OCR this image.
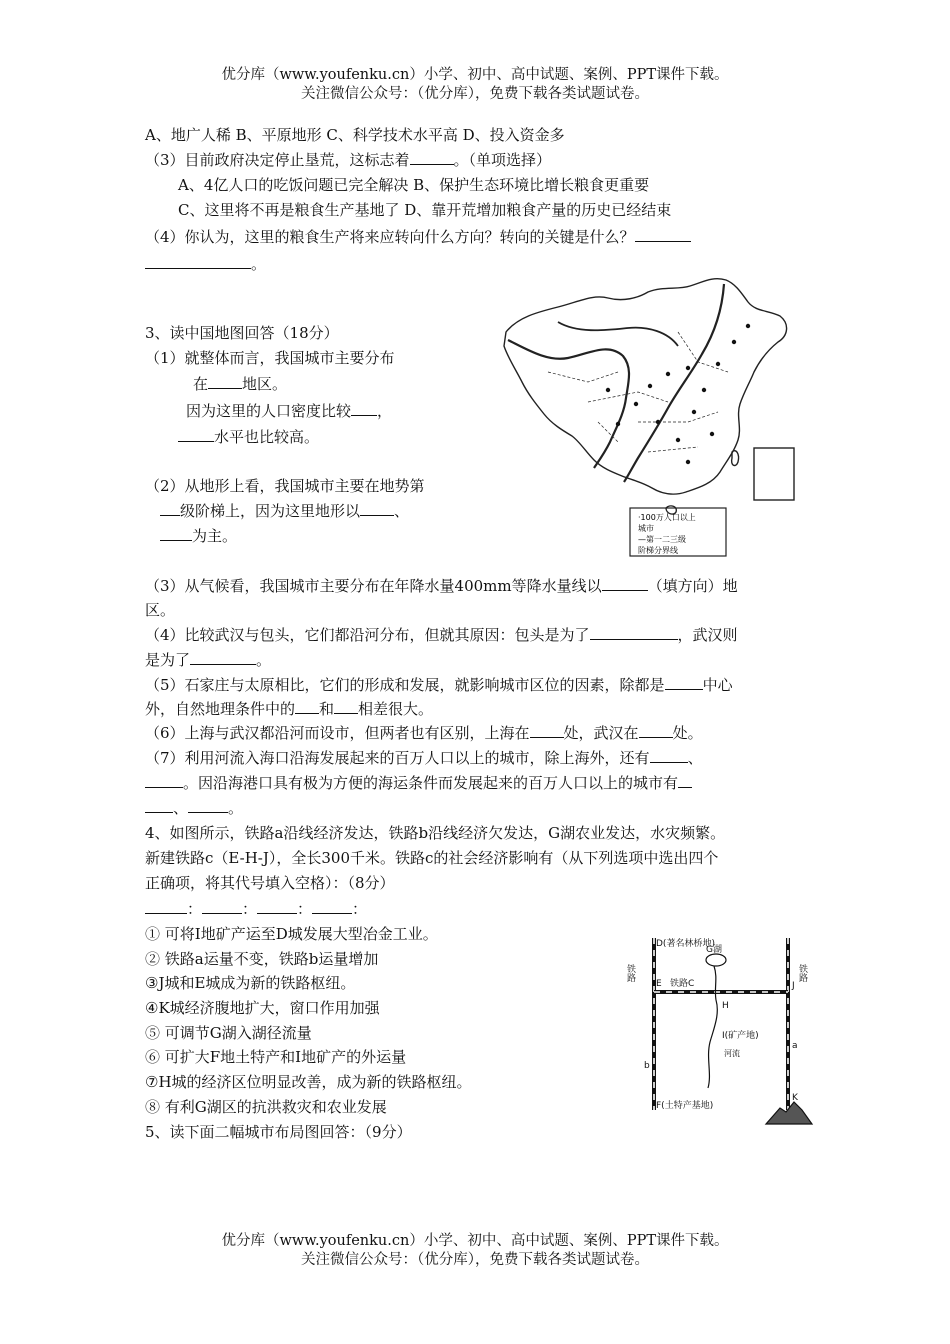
优分库（www.youfenku.cn）小学、初中、高中试题、案例、PPT课件下载。
关注微信公众号：（优分库），免费下载各类试题试卷。
A、地广人稀 B、平原地形 C、科学技术水平高 D、投入资金多
（3）目前政府决定停止垦荒，这标志着	。（单项选择）
A、4亿人口的吃饭问题已完全解决 B、保护生态环境比增长粮食更重要
C、这里将不再是粮食生产基地了 D、靠开荒增加粮食产量的历史已经结束
（4）你认为，这里的粮食生产将来应转向什么方向？转向的关键是什么？
。
·100万人口以上
城市
—第一二三级
阶梯分界线
3、读中国地图回答（18分）
（1）就整体而言，我国城市主要分布
在 地区。
因为这里的人口密度比较 ，
水平也比较高。
（2）从地形上看，我国城市主要在地势第
级阶梯上，因为这里地形以 、
为主。
（3）从气候看，我国城市主要分布在年降水量400mm等降水量线以	（填方向）地
区。
（4）比较武汉与包头，它们都沿河分布，但就其原因：包头是为了	，武汉则
是为了	。
（5）石家庄与太原相比，它们的形成和发展，就影响城市区位的因素，除都是	中心
外，自然地理条件中的 和 相差很大。
（6）上海与武汉都沿河而设市，但两者也有区别，上海在 处，武汉在 处。
（7）利用河流入海口沿海发展起来的百万人口以上的城市，除上海外，还有	、
。因沿海港口具有极为方便的海运条件而发展起来的百万人口以上的城市有
、	。
4、如图所示，铁路a沿线经济发达，铁路b沿线经济欠发达，G湖农业发达，水灾频繁。
新建铁路c（E-H-J），全长300千米。铁路c的社会经济影响有（从下列选项中选出四个
正确项，将其代号填入空格）：（8分）
：	：	：	：
① 可将I地矿产运至D城发展大型冶金工业。
② 铁路a运量不变，铁路b运量增加
③J城和E城成为新的铁路枢纽。
④K城经济腹地扩大，窗口作用加强
⑤ 可调节G湖入湖径流量
⑥ 可扩大F地土特产和I地矿产的外运量
⑦H城的经济区位明显改善，成为新的铁路枢纽。
⑧ 有利G湖区的抗洪救灾和农业发展
D(著名林桥地)
G湖
E 铁路C	J
H
I(矿产地)
河流
b
a
F(土特产基地)
K
铁路	铁路
5、读下面二幅城市布局图回答：（9分）
优分库（www.youfenku.cn）小学、初中、高中试题、案例、PPT课件下载。
关注微信公众号：（优分库），免费下载各类试题试卷。
